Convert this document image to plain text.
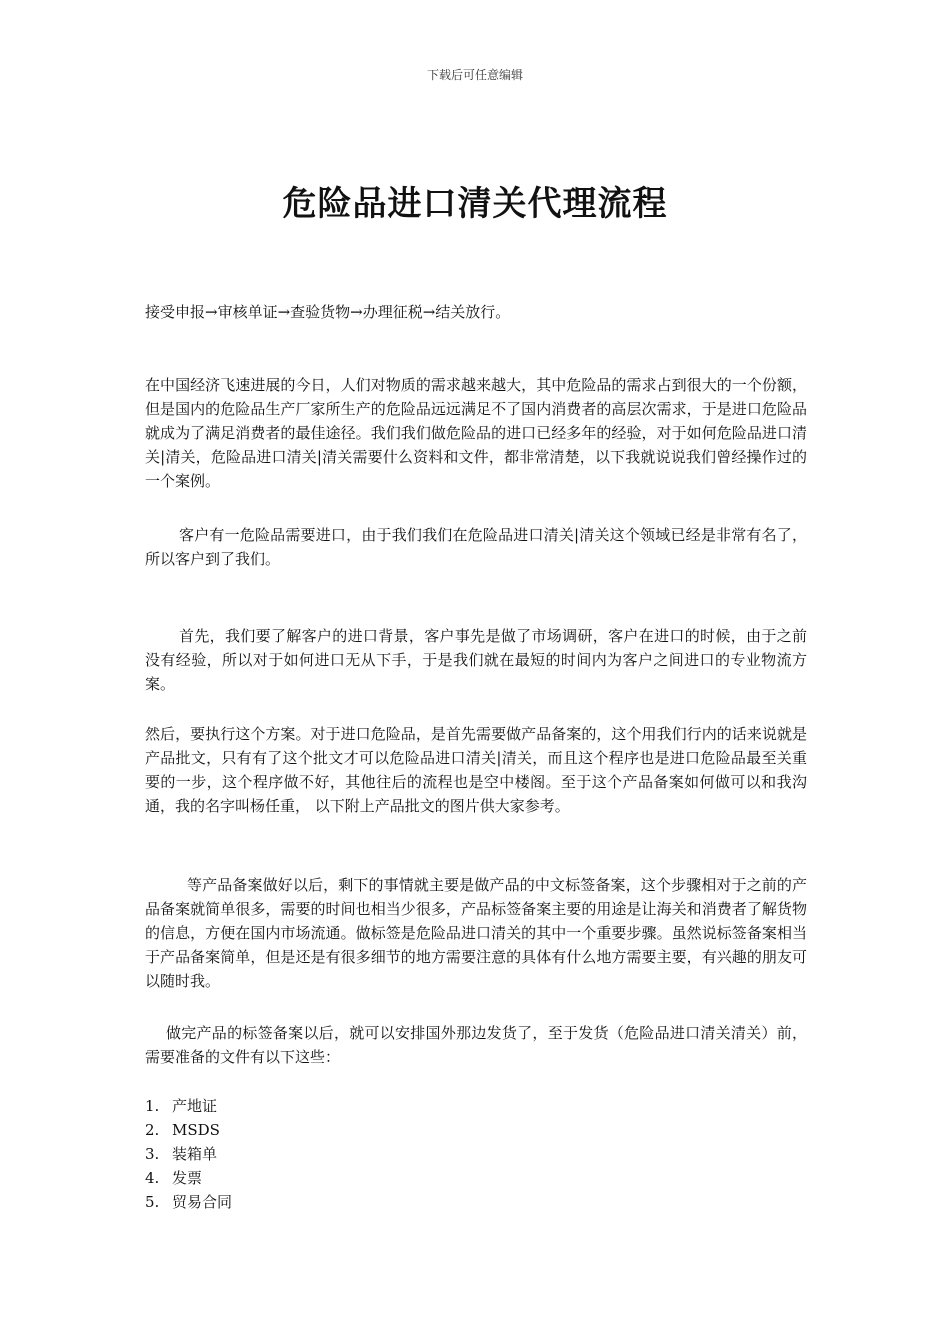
下载后可任意编辑
危险品进口清关代理流程

接受申报→审核单证→查验货物→办理征税→结关放行。

在中国经济飞速进展的今日，人们对物质的需求越来越大，其中危险品的需求占到很大的一个份额，但是国内的危险品生产厂家所生产的危险品远远满足不了国内消费者的高层次需求，于是进口危险品就成为了满足消费者的最佳途径。我们我们做危险品的进口已经多年的经验，对于如何危险品进口清关|清关，危险品进口清关|清关需要什么资料和文件，都非常清楚，以下我就说说我们曾经操作过的一个案例。

客户有一危险品需要进口，由于我们我们在危险品进口清关|清关这个领域已经是非常有名了，所以客户到了我们。

首先，我们要了解客户的进口背景，客户事先是做了市场调研，客户在进口的时候，由于之前没有经验，所以对于如何进口无从下手，于是我们就在最短的时间内为客户之间进口的专业物流方案。

然后，要执行这个方案。对于进口危险品，是首先需要做产品备案的，这个用我们行内的话来说就是产品批文，只有有了这个批文才可以危险品进口清关|清关，而且这个程序也是进口危险品最至关重要的一步，这个程序做不好，其他往后的流程也是空中楼阁。至于这个产品备案如何做可以和我沟通，我的名字叫杨任重， 以下附上产品批文的图片供大家参考。

等产品备案做好以后，剩下的事情就主要是做产品的中文标签备案，这个步骤相对于之前的产品备案就简单很多，需要的时间也相当少很多，产品标签备案主要的用途是让海关和消费者了解货物的信息，方便在国内市场流通。做标签是危险品进口清关的其中一个重要步骤。虽然说标签备案相当于产品备案简单，但是还是有很多细节的地方需要注意的具体有什么地方需要主要，有兴趣的朋友可以随时我。

做完产品的标签备案以后，就可以安排国外那边发货了，至于发货（危险品进口清关清关）前，需要准备的文件有以下这些：

1. 产地证
2. MSDS
3. 装箱单
4. 发票
5. 贸易合同
